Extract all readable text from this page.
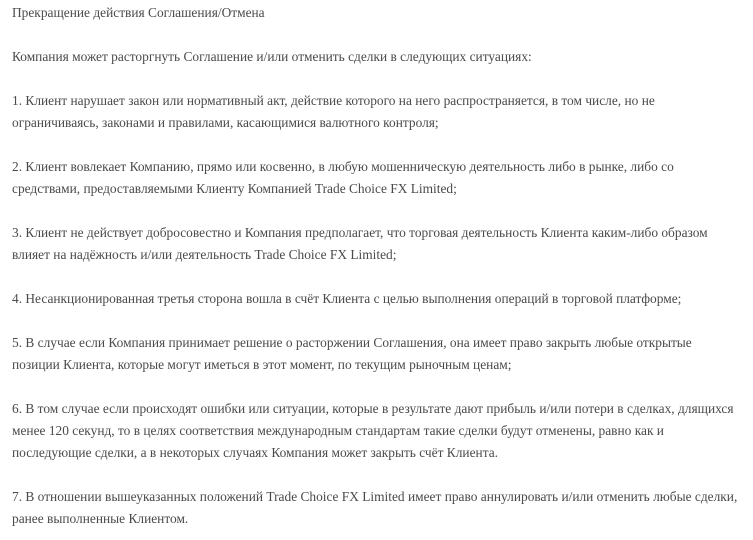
Прекращение действия Соглашения/Отмена

Компания может расторгнуть Соглашение и/или отменить сделки в следующих ситуациях:

1. Клиент нарушает закон или нормативный акт, действие которого на него распространяется, в том числе, но не ограничиваясь, законами и правилами, касающимися валютного контроля;

2. Клиент вовлекает Компанию, прямо или косвенно, в любую мошенническую деятельность либо в рынке, либо со средствами, предоставляемыми Клиенту Компанией Trade Choice FX Limited;

3. Клиент не действует добросовестно и Компания предполагает, что торговая деятельность Клиента каким-либо образом влияет на надёжность и/или деятельность Trade Choice FX Limited;

4. Несанкционированная третья сторона вошла в счёт Клиента с целью выполнения операций в торговой платформе;

5. В случае если Компания принимает решение о расторжении Соглашения, она имеет право закрыть любые открытые позиции Клиента, которые могут иметься в этот момент, по текущим рыночным ценам;

6. В том случае если происходят ошибки или ситуации, которые в результате дают прибыль и/или потери в сделках, длящихся менее 120 секунд, то в целях соответствия международным стандартам такие сделки будут отменены, равно как и последующие сделки, а в некоторых случаях Компания может закрыть счёт Клиента.

7. В отношении вышеуказанных положений Trade Choice FX Limited имеет право аннулировать и/или отменить любые сделки, ранее выполненные Клиентом.
